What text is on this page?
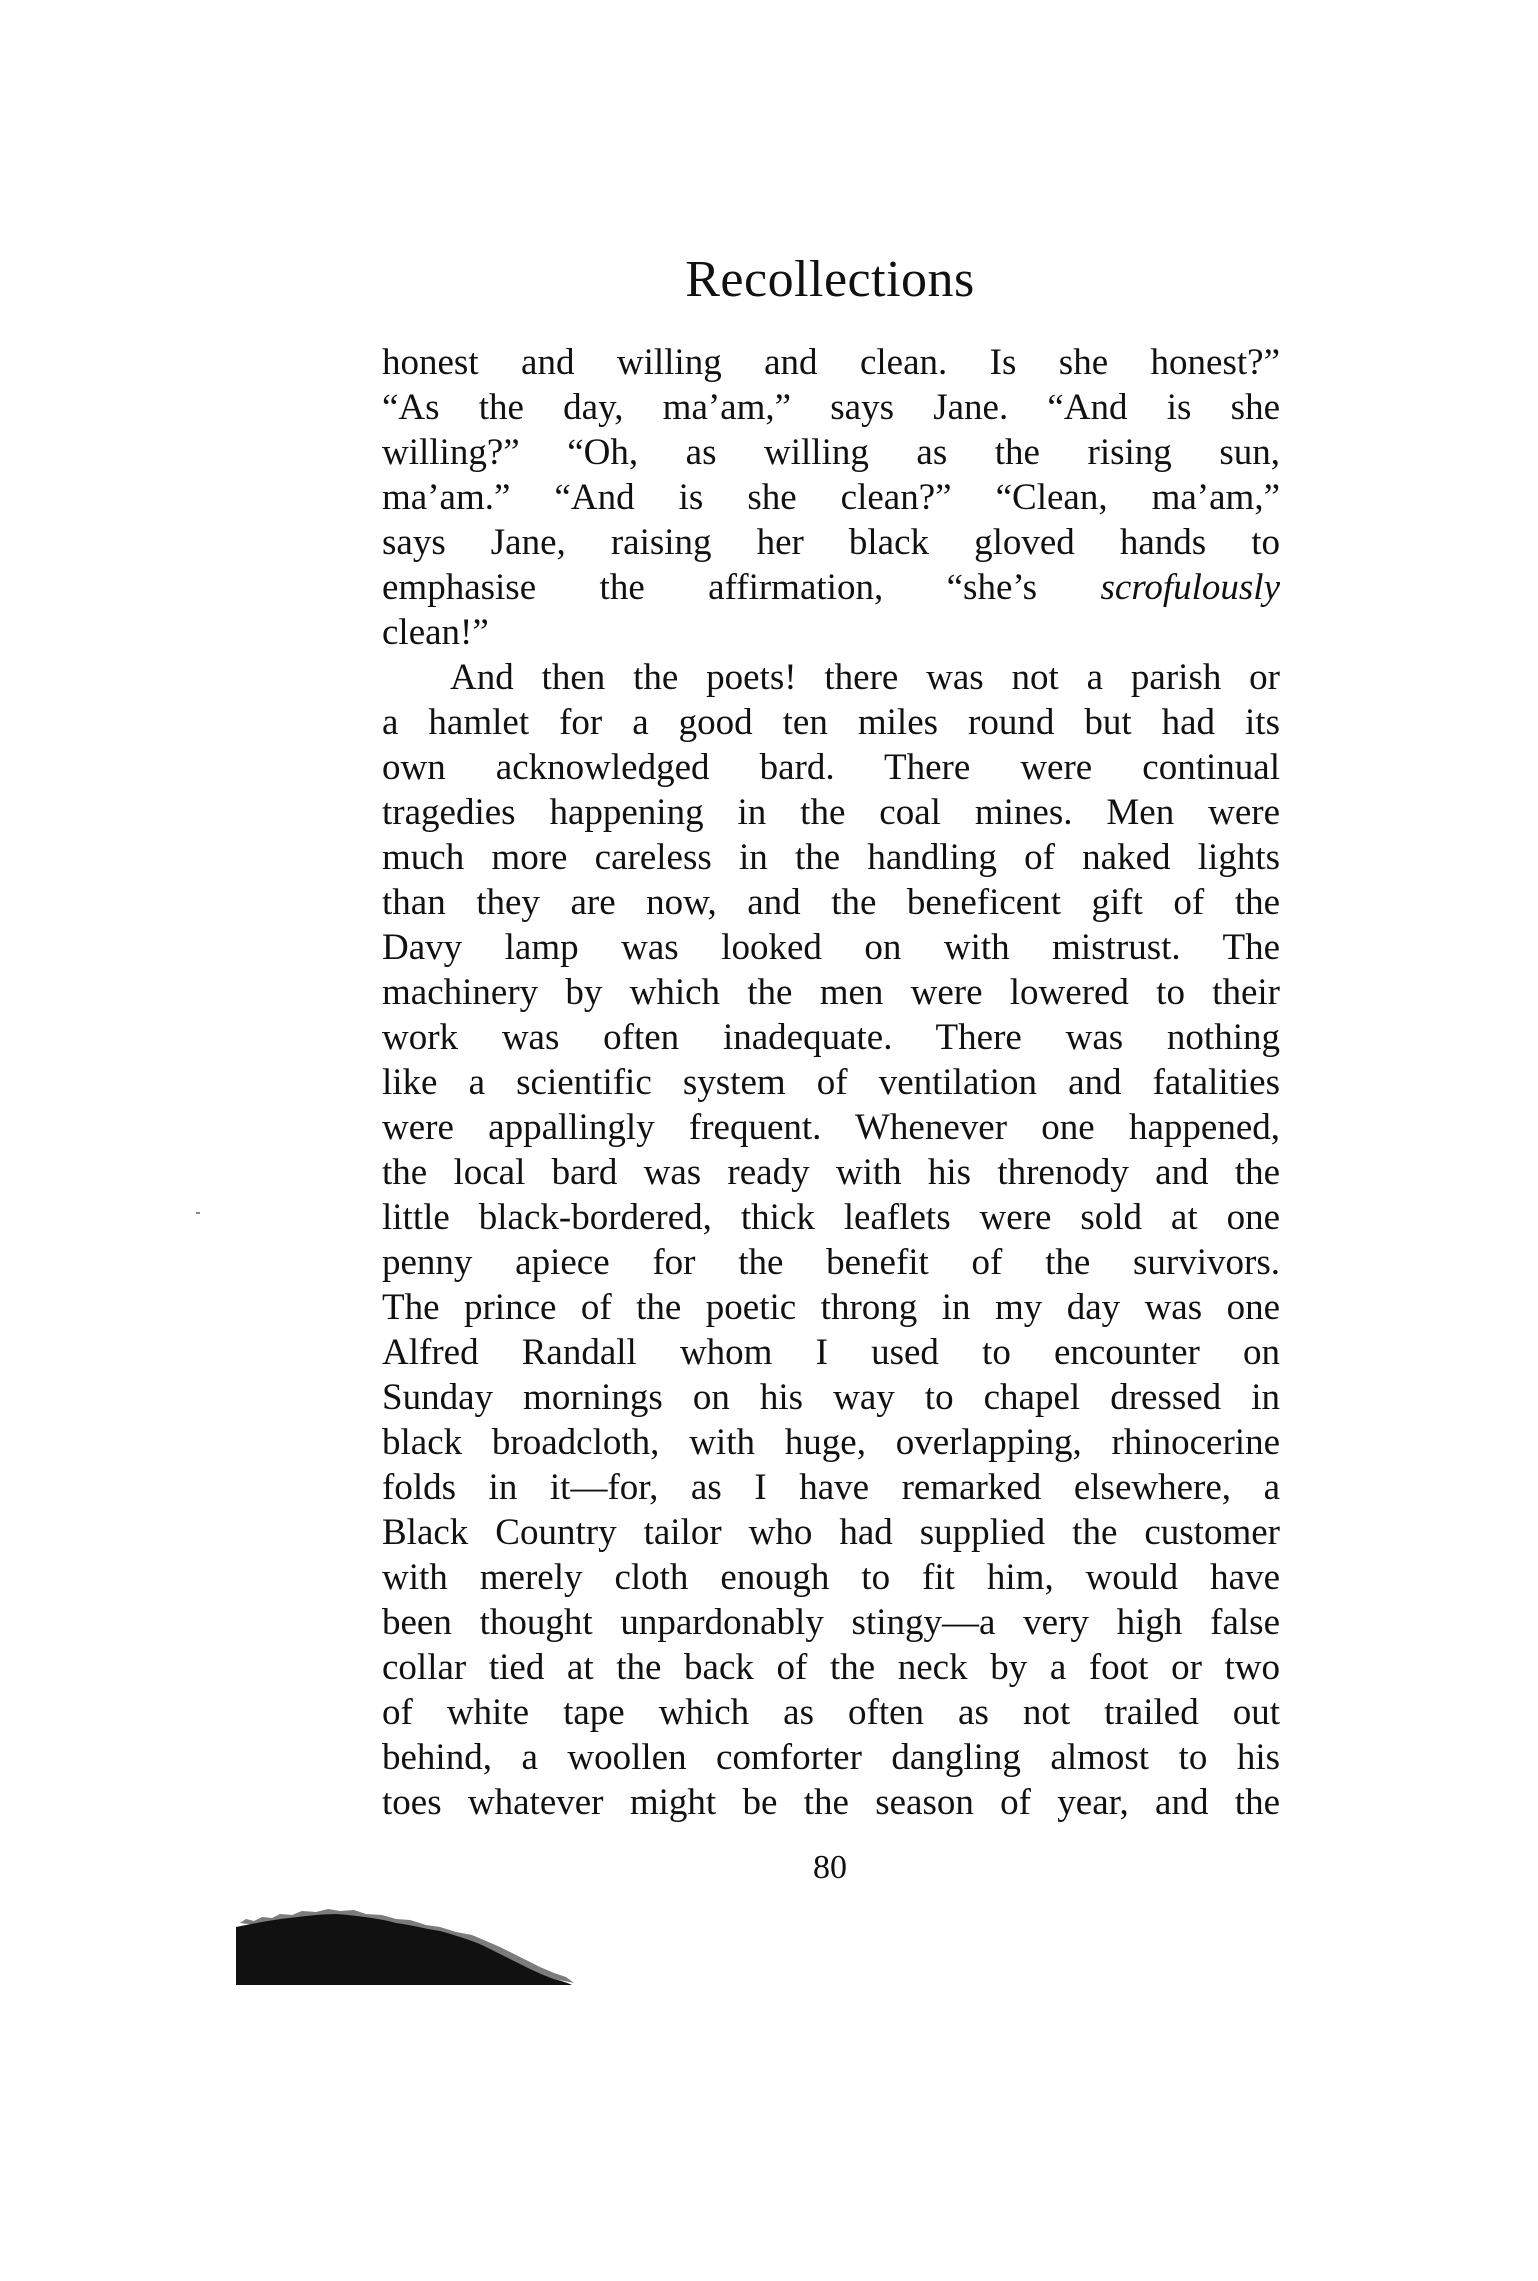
Recollections
honest and willing and clean. Is she honest?”
“As the day, ma’am,” says Jane. “And is she
willing?” “Oh, as willing as the rising sun,
ma’am.” “And is she clean?” “Clean, ma’am,”
says Jane, raising her black gloved hands to
emphasise the affirmation, “she’s scrofulously
clean!”
And then the poets! there was not a parish or
a hamlet for a good ten miles round but had its
own acknowledged bard. There were continual
tragedies happening in the coal mines. Men were
much more careless in the handling of naked lights
than they are now, and the beneficent gift of the
Davy lamp was looked on with mistrust. The
machinery by which the men were lowered to their
work was often inadequate. There was nothing
like a scientific system of ventilation and fatalities
were appallingly frequent. Whenever one happened,
the local bard was ready with his threnody and the
little black-bordered, thick leaflets were sold at one
penny apiece for the benefit of the survivors.
The prince of the poetic throng in my day was one
Alfred Randall whom I used to encounter on
Sunday mornings on his way to chapel dressed in
black broadcloth, with huge, overlapping, rhinocerine
folds in it—for, as I have remarked elsewhere, a
Black Country tailor who had supplied the customer
with merely cloth enough to fit him, would have
been thought unpardonably stingy—a very high false
collar tied at the back of the neck by a foot or two
of white tape which as often as not trailed out
behind, a woollen comforter dangling almost to his
toes whatever might be the season of year, and the
80
